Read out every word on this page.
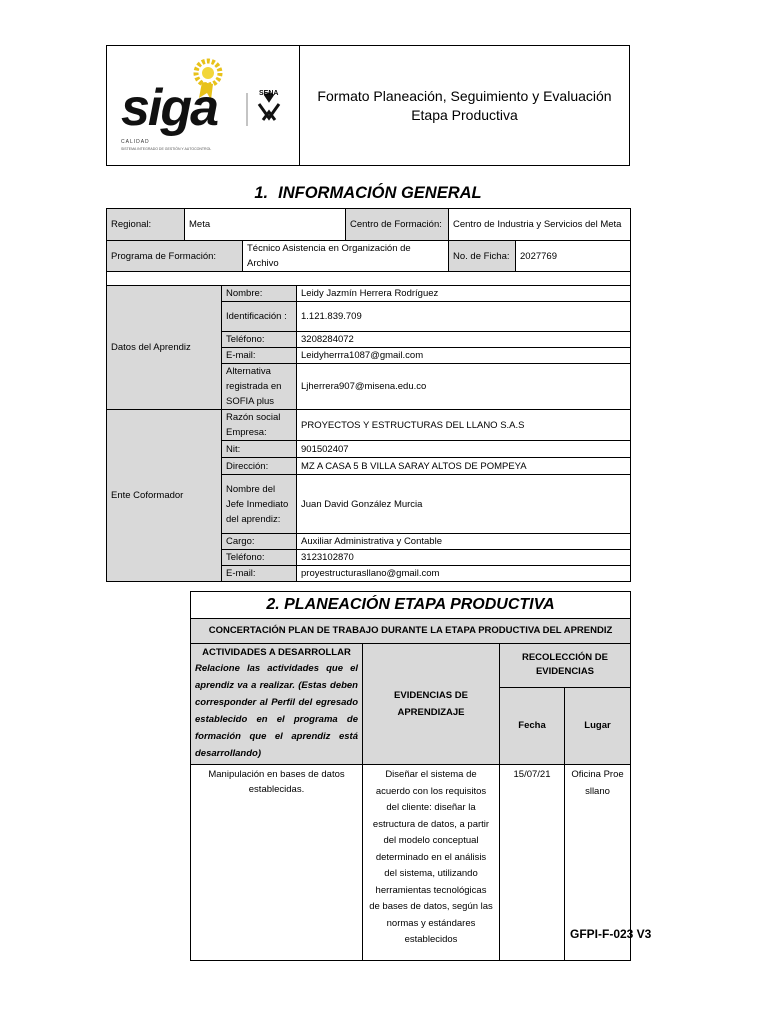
siga
CALIDAD
SISTEMA INTEGRADO DE GESTIÓN Y AUTOCONTROL
SENA	Formato Planeación, Seguimiento y Evaluación
Etapa Productiva
1. INFORMACIÓN GENERAL
Regional:	Meta		Centro de Formación:	Centro de Industria y Servicios del Meta	
Programa de Formación:		Técnico Asistencia en Organización de Archivo		No. de Ficha:	2027769

Datos del Aprendiz	Nombre:	Leidy Jazmín Herrera Rodríguez
	Identificación :	1.121.839.709
	Teléfono:	3208284072
	E-mail:	Leidyherrra1087@gmail.com
	Alternativa registrada en SOFIA plus	Ljherrera907@misena.edu.co
Ente Coformador	Razón social Empresa:	PROYECTOS Y ESTRUCTURAS DEL LLANO S.A.S
	Nit:	901502407
	Dirección:	MZ A CASA 5 B VILLA SARAY ALTOS DE POMPEYA
	Nombre del Jefe Inmediato del aprendiz:	Juan David González Murcia
	Cargo:	Auxiliar Administrativa y Contable
	Teléfono:	3123102870
	E-mail:	proyestructurasllano@gmail.com
2. PLANEACIÓN ETAPA PRODUCTIVA			
CONCERTACIÓN PLAN DE TRABAJO DURANTE LA ETAPA PRODUCTIVA DEL APRENDIZ			

ACTIVIDADES A DESARROLLAR
Relacione las actividades que el aprendiz va a realizar. (Estas deben corresponder al Perfil del egresado establecido en el programa de formación que el aprendiz está desarrollando)	EVIDENCIAS DE APRENDIZAJE	RECOLECCIÓN DE EVIDENCIAS	
		Fecha	Lugar
Manipulación en bases de datos establecidas.	Diseñar el sistema de acuerdo con los requisitos del cliente: diseñar la estructura de datos, a partir del modelo conceptual determinado en el análisis del sistema, utilizando herramientas tecnológicas de bases de datos, según las normas y estándares establecidos	15/07/21	Oficina Proesllano
GFPI-F-023 V3
